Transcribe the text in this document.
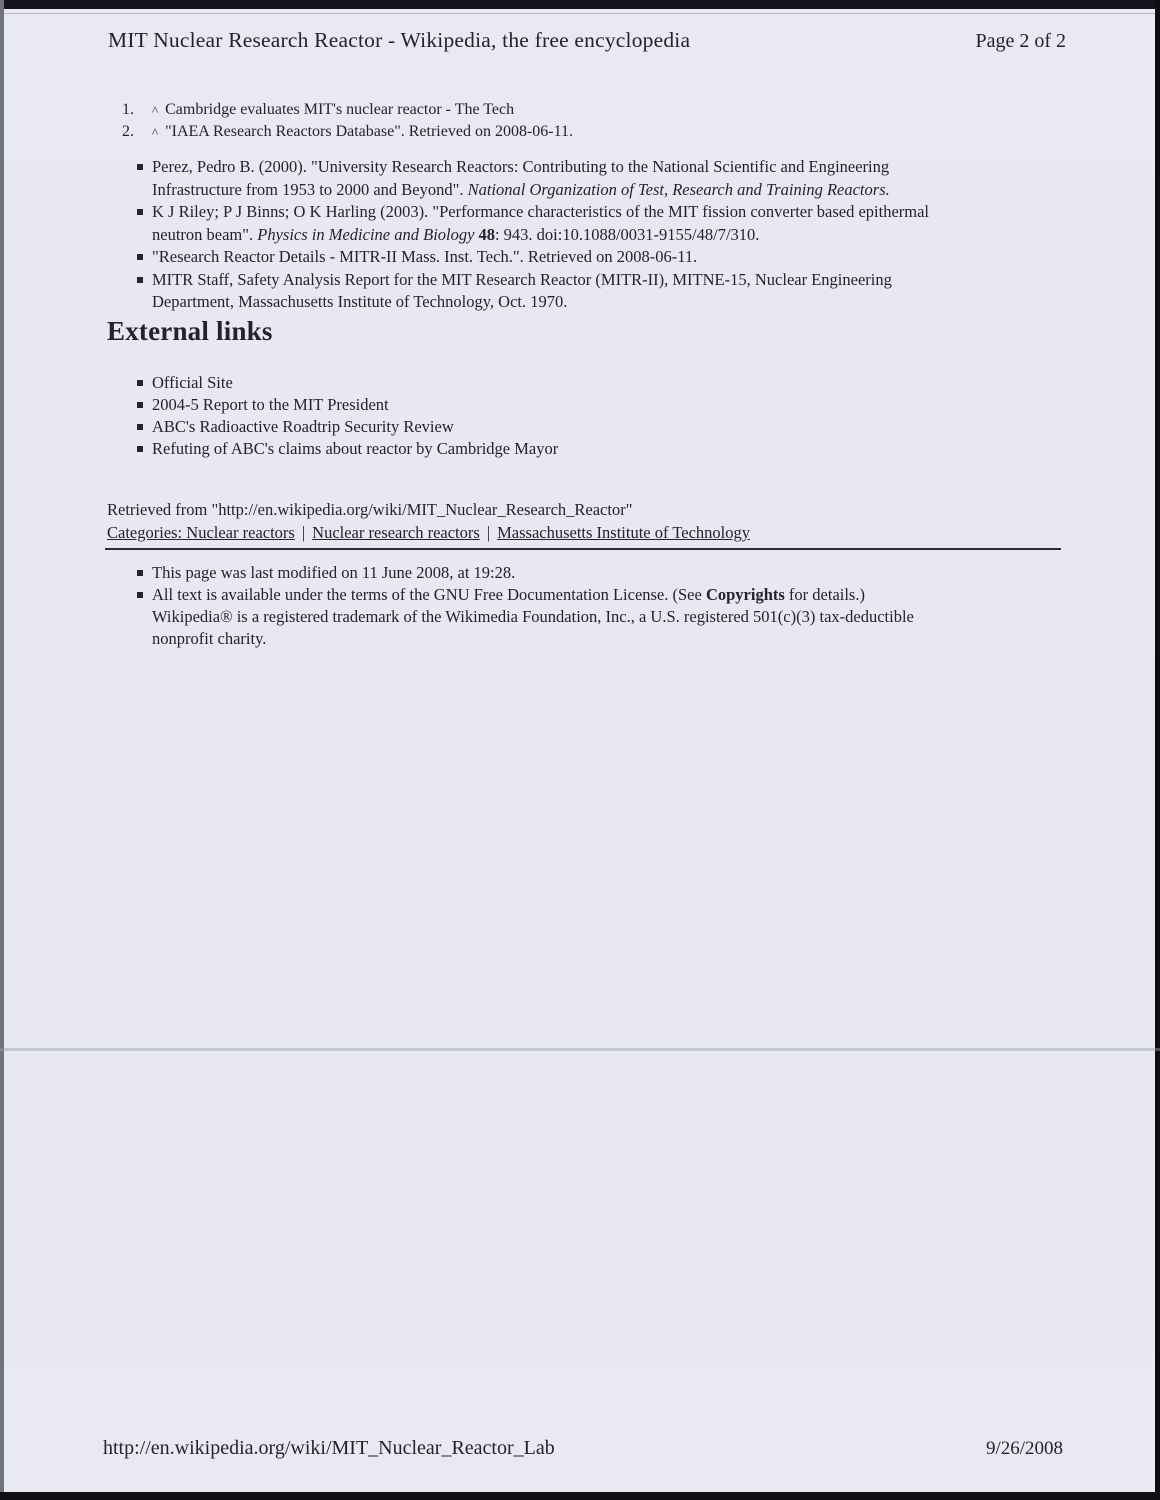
MIT Nuclear Research Reactor - Wikipedia, the free encyclopedia	Page 2 of 2
1.	^ Cambridge evaluates MIT's nuclear reactor - The Tech
2.	^ "IAEA Research Reactors Database". Retrieved on 2008-06-11.
Perez, Pedro B. (2000). "University Research Reactors: Contributing to the National Scientific and Engineering
Infrastructure from 1953 to 2000 and Beyond". National Organization of Test, Research and Training Reactors.
K J Riley; P J Binns; O K Harling (2003). "Performance characteristics of the MIT fission converter based epithermal
neutron beam". Physics in Medicine and Biology 48: 943. doi:10.1088/0031-9155/48/7/310.
"Research Reactor Details - MITR-II Mass. Inst. Tech.". Retrieved on 2008-06-11.
MITR Staff, Safety Analysis Report for the MIT Research Reactor (MITR-II), MITNE-15, Nuclear Engineering
Department, Massachusetts Institute of Technology, Oct. 1970.
External links
Official Site
2004-5 Report to the MIT President
ABC's Radioactive Roadtrip Security Review
Refuting of ABC's claims about reactor by Cambridge Mayor
Retrieved from "http://en.wikipedia.org/wiki/MIT_Nuclear_Research_Reactor"
Categories: Nuclear reactors | Nuclear research reactors | Massachusetts Institute of Technology
This page was last modified on 11 June 2008, at 19:28.
All text is available under the terms of the GNU Free Documentation License. (See Copyrights for details.)
Wikipedia® is a registered trademark of the Wikimedia Foundation, Inc., a U.S. registered 501(c)(3) tax-deductible
nonprofit charity.
http://en.wikipedia.org/wiki/MIT_Nuclear_Reactor_Lab	9/26/2008
